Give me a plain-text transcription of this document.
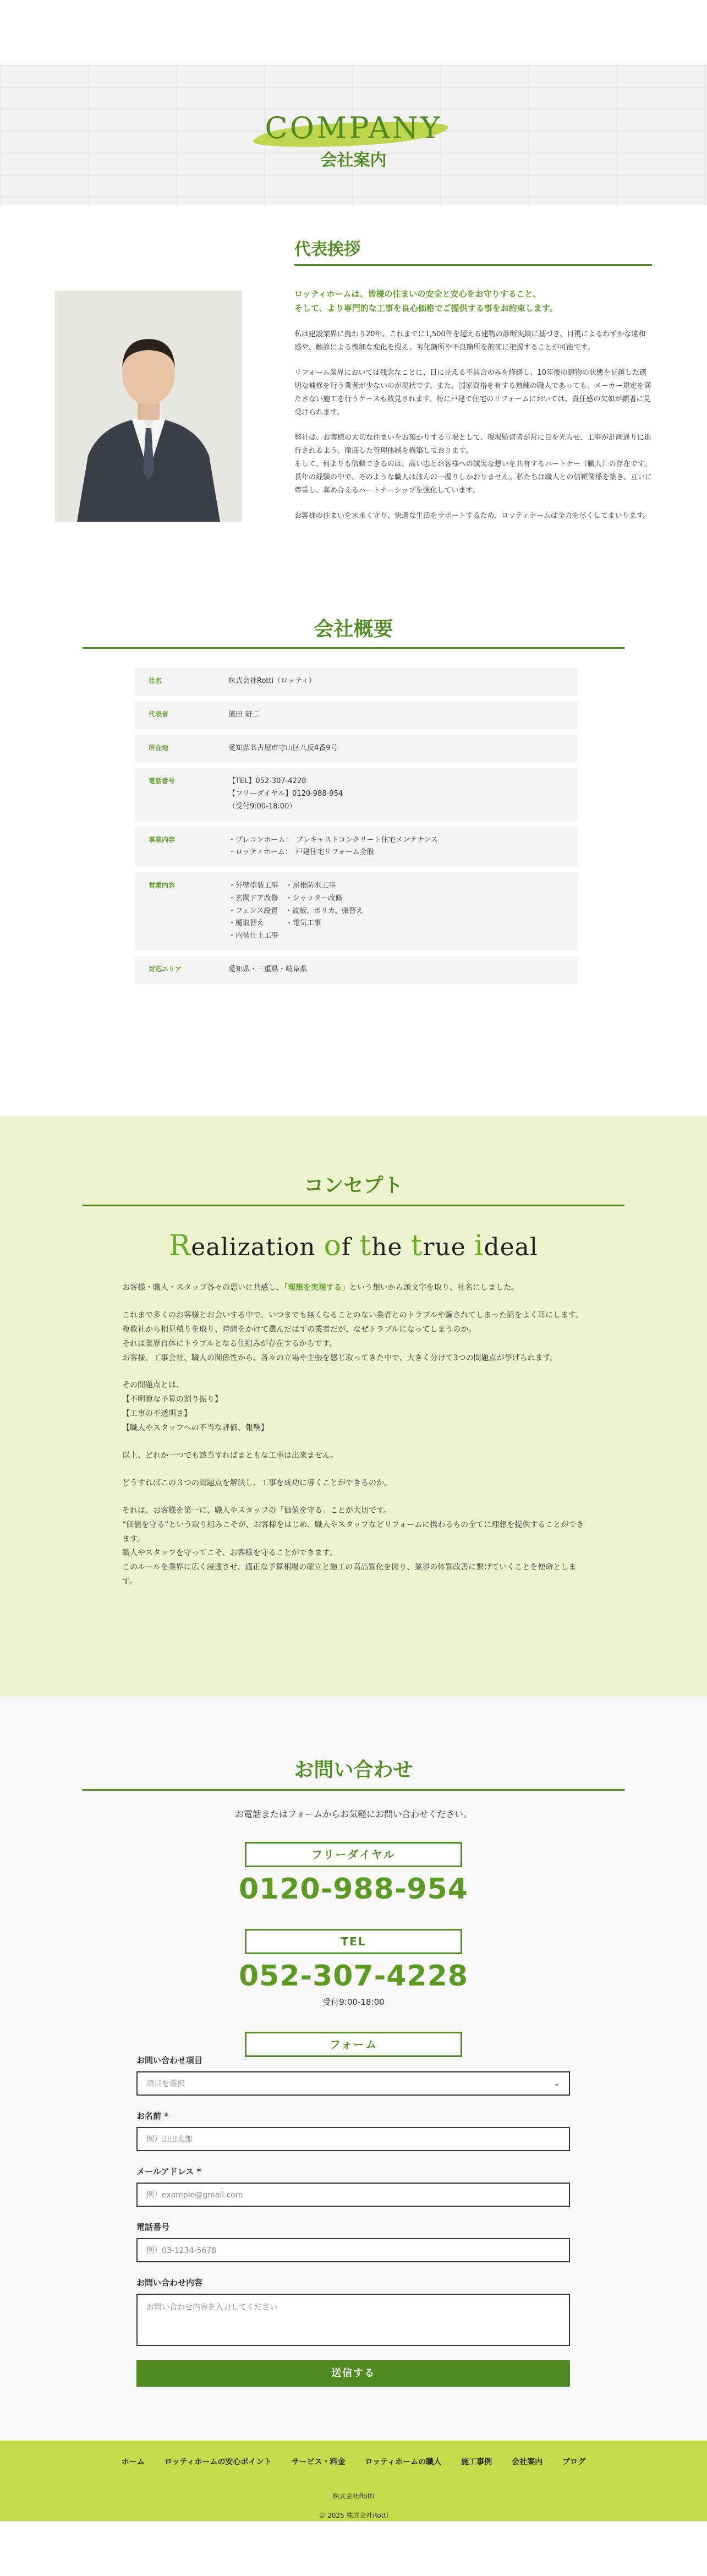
COMPANY
会社案内
代表挨拶

ロッティホームは、皆様の住まいの安全と安心をお守りすること、
そして、より専門的な工事を良心価格でご提供する事をお約束します。

私は建設業界に携わり20年、これまでに1,500件を超える建物の診断実績に基づき、目視によるわずかな違和感や、触診による微細な変化を捉え、劣化箇所や不良箇所を的確に把握することが可能です。

リフォーム業界においては残念なことに、目に見える不具合のみを修繕し、10年後の建物の状態を見越した適切な補修を行う業者が少ないのが現状です。また、国家資格を有する熟練の職人であっても、メーカー規定を満たさない施工を行うケースも散見されます。特に戸建て住宅のリフォームにおいては、責任感の欠如が顕著に見受けられます。

弊社は、お客様の大切な住まいをお預かりする立場として、現場監督者が常に目を光らせ、工事が計画通りに進行されるよう、徹底した管理体制を構築しております。
そして、何よりも信頼できるのは、高い志とお客様への誠実な想いを共有するパートナー（職人）の存在です。長年の経験の中で、そのような職人はほんの一握りしかおりません。私たちは職人との信頼関係を築き、互いに尊重し、高め合えるパートナーシップを強化しています。

お客様の住まいを末永く守り、快適な生活をサポートするため、ロッティホームは全力を尽くしてまいります。

会社概要
社名	株式会社Rotti（ロッティ）
代表者	濱田 研二
所在地	愛知県名古屋市守山区八反4番9号
電話番号	【TEL】052-307-4228
【フリーダイヤル】0120-988-954
（受付9:00-18:00）
事業内容	・プレコンホーム：　プレキャストコンクリート住宅メンテナンス
・ロッティホーム：　戸建住宅リフォーム全般
営業内容	・外壁塗装工事　・屋根防水工事
・玄関ドア改修　・シャッター改修
・フェンス設置　・波板、ポリカ、張替え
・樋取替え　　　・電気工事
・内装仕上工事
対応エリア	愛知県・三重県・岐阜県
コンセプト
Realization of the true ideal

お客様・職人・スタッフ各々の思いに共感し、「理想を実現する」という想いから頭文字を取り、社名にしました。

これまで多くのお客様とお会いする中で、いつまでも無くなることのない業者とのトラブルや騙されてしまった話をよく耳にします。
複数社から相見積りを取り、時間をかけて選んだはずの業者だが、なぜトラブルになってしまうのか。
それは業界自体にトラブルとなる仕組みが存在するからです。
お客様、工事会社、職人の関係性から、各々の立場や主張を感じ取ってきた中で、大きく分けて3つの問題点が挙げられます。

その問題点とは、
【不明瞭な予算の割り振り】
【工事の不透明さ】
【職人やスタッフへの不当な評価、報酬】

以上、どれか一つでも該当すればまともな工事は出来ません。

どうすればこの３つの問題点を解決し、工事を成功に導くことができるのか。

それは、お客様を第一に、職人やスタッフの「価値を守る」ことが大切です。
“価値を守る”という取り組みこそが、お客様をはじめ、職人やスタッフなどリフォームに携わるもの全てに理想を提供することができます。
職人やスタッフを守ってこそ、お客様を守ることができます。
このルールを業界に広く浸透させ、適正な予算相場の確立と施工の高品質化を図り、業界の体質改善に繋げていくことを使命とします。

お問い合わせ

お電話またはフォームからお気軽にお問い合わせください。

フリーダイヤル
0120-988-954
TEL
052-307-4228
受付9:00-18:00
フォーム
お問い合わせ項目
項目を選択	⌄
お名前 *
例）山田太郎
メールアドレス *
例）example@gmail.com
電話番号
例）03-1234-5678
お問い合わせ内容
お問い合わせ内容を入力してください
送信する
ホーム	ロッティホームの安心ポイント	サービス・料金	ロッティホームの職人	施工事例	会社案内	ブログ
株式会社Rotti
© 2025 株式会社Rotti
